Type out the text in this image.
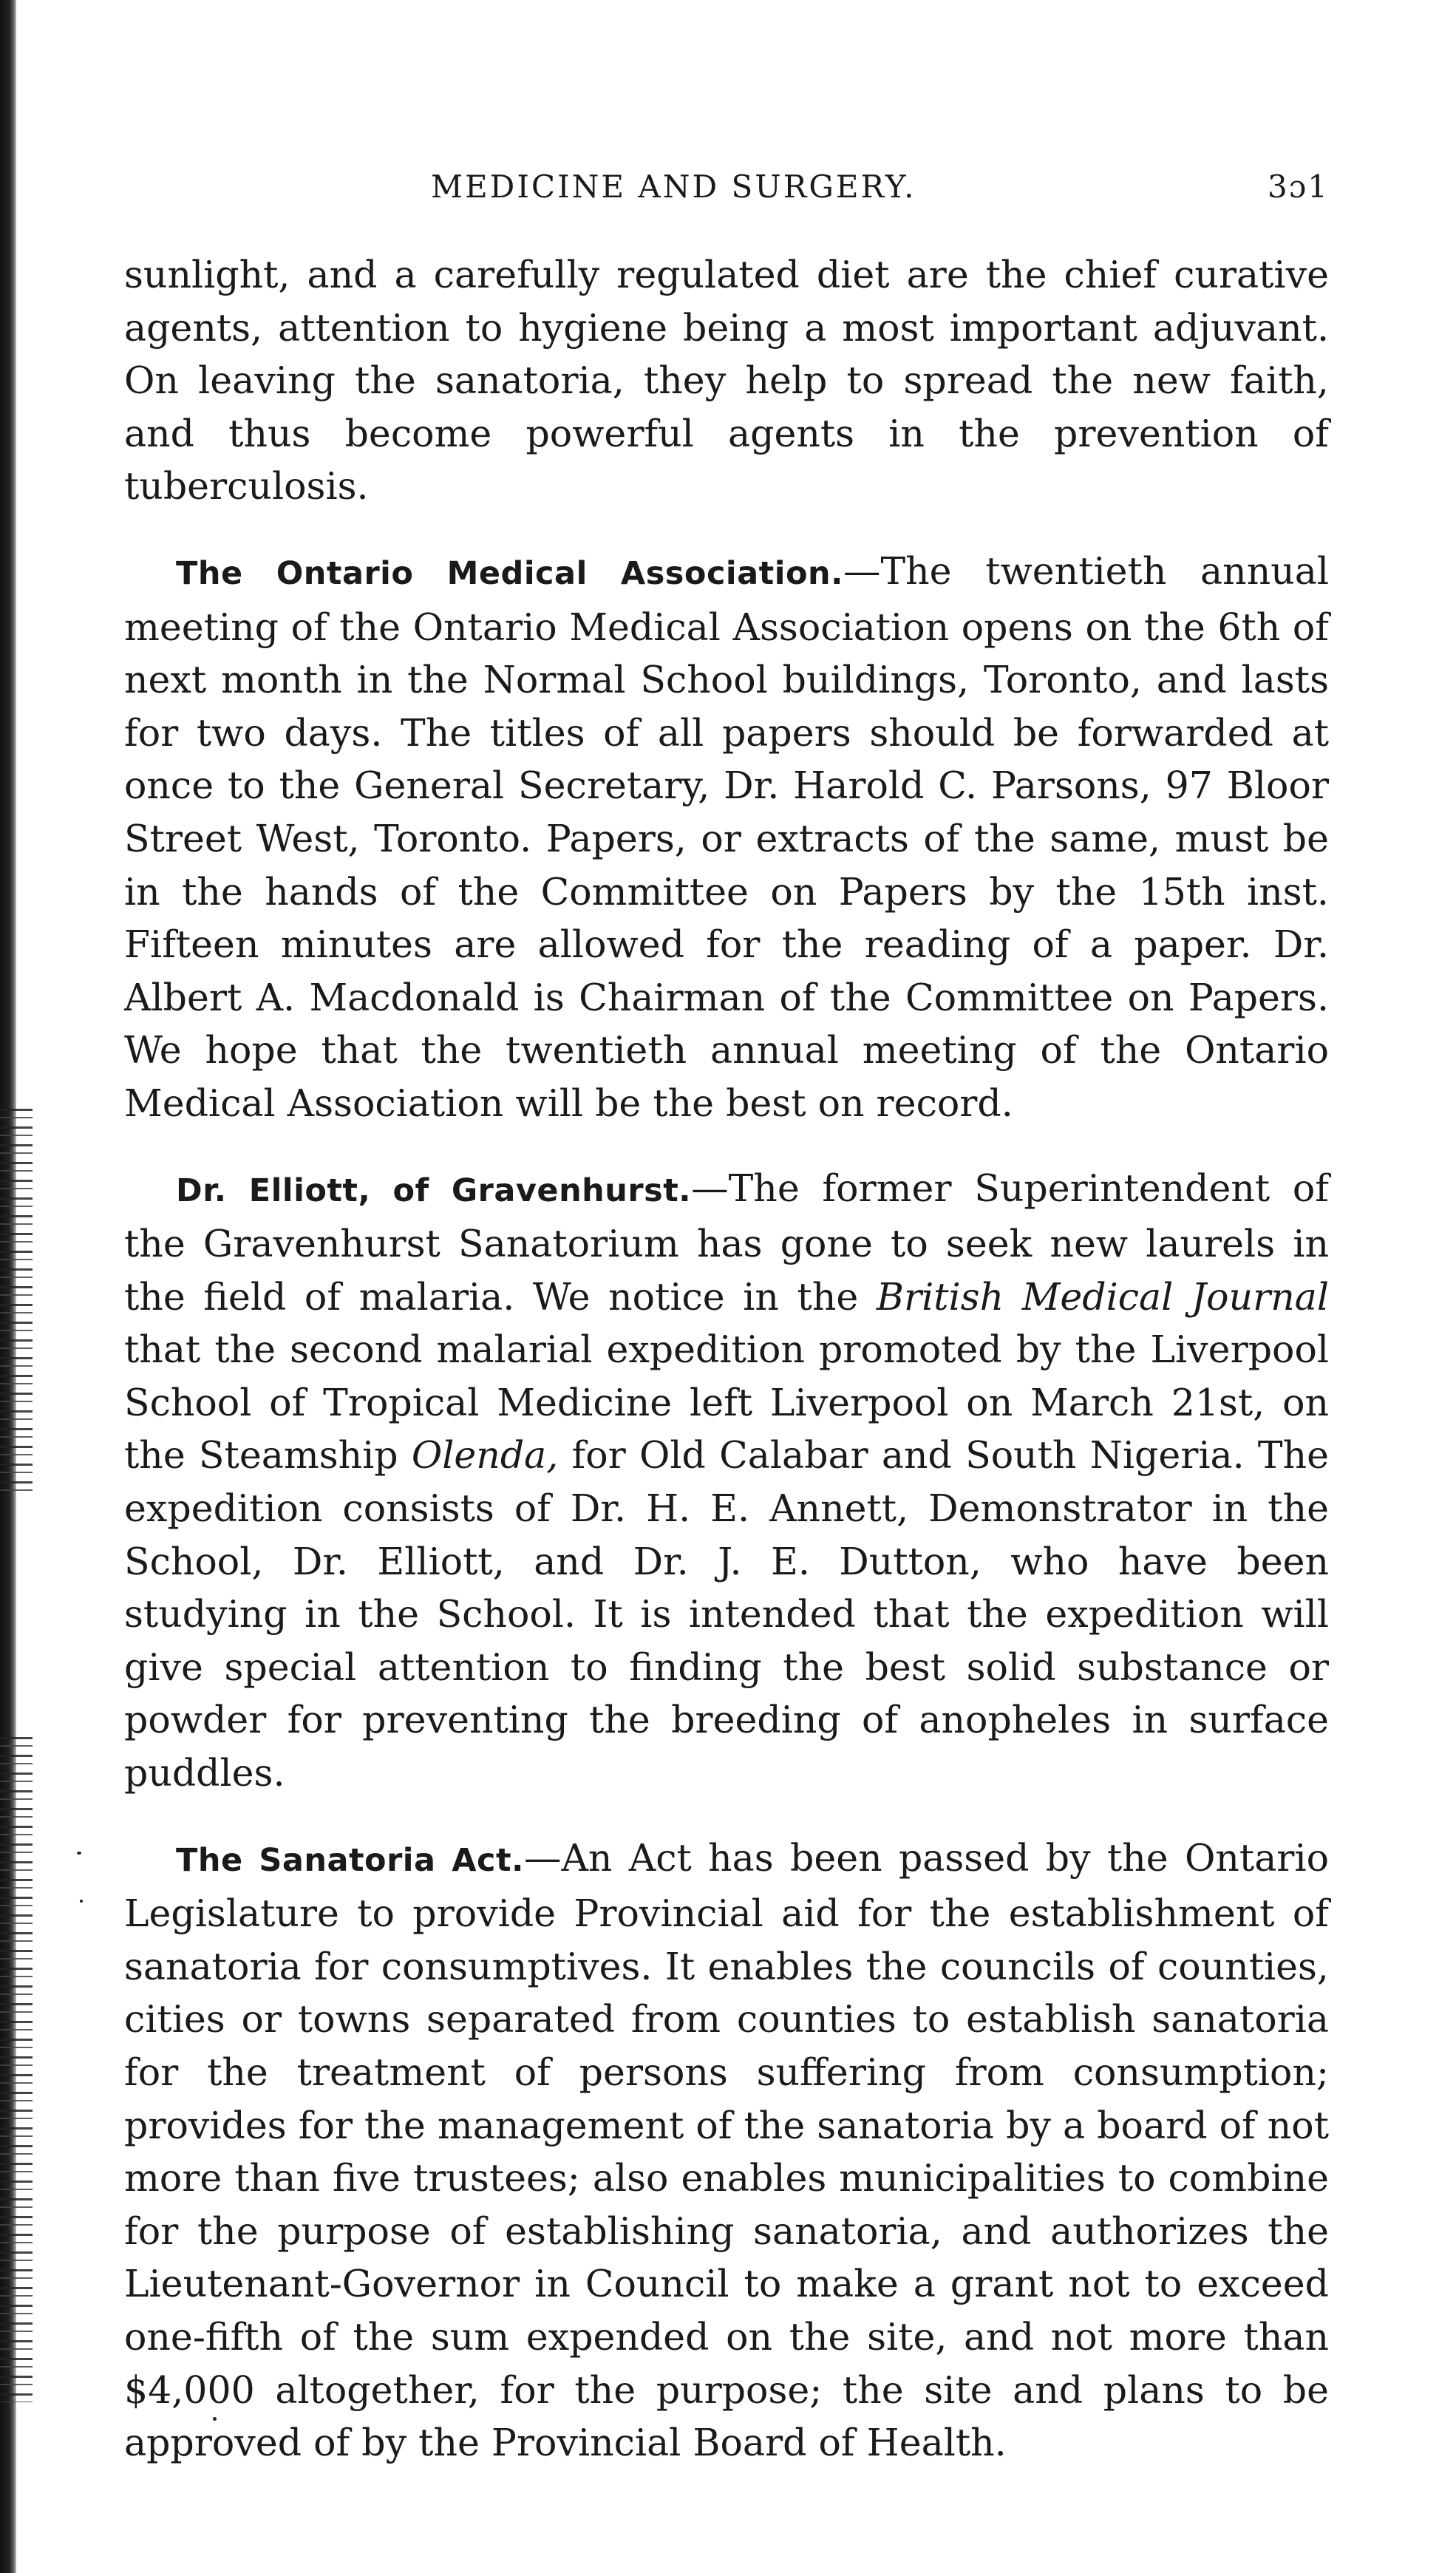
MEDICINE AND SURGERY.	3ɔ1

sunlight, and a carefully regulated diet are the chief curative agents, attention to hygiene being a most important adjuvant. On leaving the sanatoria, they help to spread the new faith, and thus become powerful agents in the prevention of tuberculosis.

The Ontario Medical Association.—The twentieth annual meeting of the Ontario Medical Association opens on the 6th of next month in the Normal School buildings, Toronto, and lasts for two days. The titles of all papers should be forwarded at once to the General Secretary, Dr. Harold C. Parsons, 97 Bloor Street West, Toronto. Papers, or extracts of the same, must be in the hands of the Committee on Papers by the 15th inst. Fifteen minutes are allowed for the reading of a paper. Dr. Albert A. Macdonald is Chairman of the Committee on Papers. We hope that the twentieth annual meeting of the Ontario Medical Association will be the best on record.

Dr. Elliott, of Gravenhurst.—The former Superintendent of the Gravenhurst Sanatorium has gone to seek new laurels in the field of malaria. We notice in the British Medical Journal that the second malarial expedition promoted by the Liverpool School of Tropical Medicine left Liverpool on March 21st, on the Steamship Olenda, for Old Calabar and South Nigeria. The expedition consists of Dr. H. E. Annett, Demonstrator in the School, Dr. Elliott, and Dr. J. E. Dutton, who have been studying in the School. It is intended that the expedition will give special attention to finding the best solid substance or powder for preventing the breeding of anopheles in surface puddles.

The Sanatoria Act.—An Act has been passed by the Ontario Legislature to provide Provincial aid for the establishment of sanatoria for consumptives. It enables the councils of counties, cities or towns separated from counties to establish sanatoria for the treatment of persons suffering from consumption; provides for the management of the sanatoria by a board of not more than five trustees; also enables municipalities to combine for the purpose of establishing sanatoria, and authorizes the Lieutenant-Governor in Council to make a grant not to exceed one-fifth of the sum expended on the site, and not more than $4,000 altogether, for the purpose; the site and plans to be approved of by the Provincial Board of Health.
